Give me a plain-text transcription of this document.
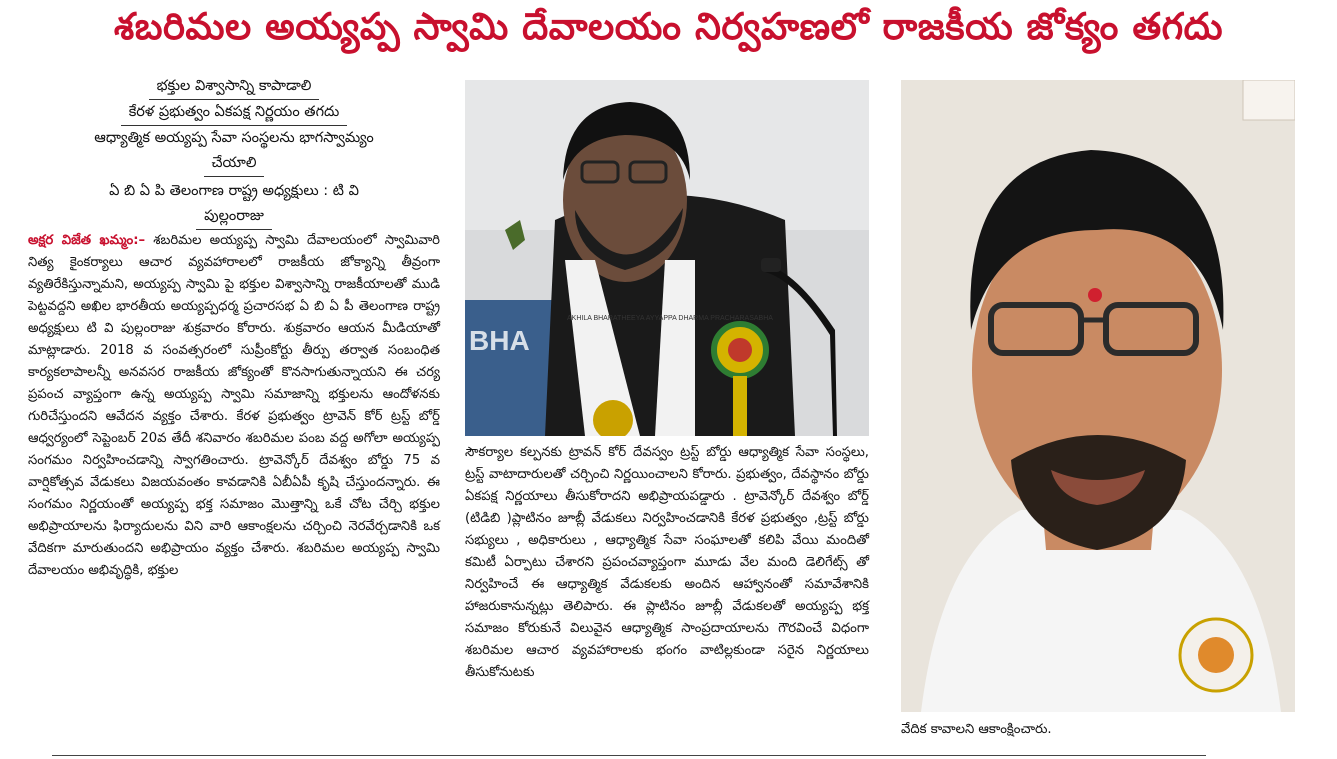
శబరిమల అయ్యప్ప స్వామి దేవాలయం నిర్వహణలో రాజకీయ జోక్యం తగదు
భక్తుల విశ్వాసాన్ని కాపాడాలి
కేరళ ప్రభుత్వం ఏకపక్ష నిర్ణయం తగదు
ఆధ్యాత్మిక అయ్యప్ప సేవా సంస్థలను భాగస్వామ్యం
చేయాలి
ఏ బి ఏ పి తెలంగాణ రాష్ట్ర అధ్యక్షులు : టి వి
పుల్లంరాజు
అక్షర విజేత ఖమ్మం:– శబరిమల అయ్యప్ప స్వామి దేవాలయంలో స్వామివారి నిత్య కైంకర్యాలు ఆచార వ్యవహారాలలో రాజకీయ జోక్యాన్ని తీవ్రంగా వ్యతిరేకిస్తున్నామని, అయ్యప్ప స్వామి పై భక్తుల విశ్వాసాన్ని రాజకీయాలతో ముడి పెట్టవద్దని అఖిల భారతీయ అయ్యప్పధర్మ ప్రచారసభ ఏ బి ఏ పీ తెలంగాణ రాష్ట్ర అధ్యక్షులు టి వి పుల్లంరాజు శుక్రవారం కోరారు. శుక్రవారం ఆయన మీడియాతో మాట్లాడారు. 2018 వ సంవత్సరంలో సుప్రీంకోర్టు తీర్పు తర్వాత సంబంధిత కార్యకలాపాలన్నీ అనవసర రాజకీయ జోక్యంతో కొనసాగుతున్నాయని ఈ చర్య ప్రపంచ వ్యాప్తంగా ఉన్న అయ్యప్ప స్వామి సమాజాన్ని భక్తులను ఆందోళనకు గురిచేస్తుందని ఆవేదన వ్యక్తం చేశారు. కేరళ ప్రభుత్వం ట్రావెన్ కోర్ ట్రస్ట్ బోర్డ్ ఆధ్వర్యంలో సెప్టెంబర్ 20వ తేదీ శనివారం శబరిమల పంబ వద్ద అగోలా అయ్యప్ప సంగమం నిర్వహించడాన్ని స్వాగతించారు. ట్రావెన్కోర్ దేవశ్వం బోర్డు 75 వ వార్షికోత్సవ వేడుకలు విజయవంతం కావడానికి ఏబీఏపీ కృషి చేస్తుందన్నారు. ఈ సంగమం నిర్ణయంతో అయ్యప్ప భక్త సమాజం మొత్తాన్ని ఒకే చోట చేర్చి భక్తుల అభిప్రాయాలను ఫిర్యాదులను విని వారి ఆకాంక్షలను చర్చించి నెరవేర్చడానికి ఒక వేదికగా మారుతుందని అభిప్రాయం వ్యక్తం చేశారు. శబరిమల అయ్యప్ప స్వామి దేవాలయం అభివృద్ధికి, భక్తుల
BHA
AKHILA BHARATHEEYA AYYAPPA DHARMA PRACHARASABHA
సౌకర్యాల కల్పనకు ట్రావన్ కోర్ దేవస్వం ట్రస్ట్ బోర్డు ఆధ్యాత్మిక సేవా సంస్థలు, ట్రస్ట్ వాటాదారులతో చర్చించి నిర్ణయించాలని కోరారు. ప్రభుత్వం, దేవస్థానం బోర్డు ఏకపక్ష నిర్ణయాలు తీసుకోరాదని అభిప్రాయపడ్డారు . ట్రావెన్కోర్ దేవశ్వం బోర్డ్ (టిడిబి )ప్లాటినం జూబ్లీ వేడుకలు నిర్వహించడానికి కేరళ ప్రభుత్వం ,ట్రస్ట్ బోర్డు సభ్యులు , అధికారులు , ఆధ్యాత్మిక సేవా సంఘాలతో కలిపి వేయి మందితో కమిటీ ఏర్పాటు చేశారని ప్రపంచవ్యాప్తంగా మూడు వేల మంది డెలిగేట్స్ తో నిర్వహించే ఈ ఆధ్యాత్మిక వేడుకలకు అందిన ఆహ్వానంతో సమావేశానికి హాజరుకానున్నట్లు తెలిపారు. ఈ ప్లాటినం జూబ్లీ వేడుకలతో అయ్యప్ప భక్త సమాజం కోరుకునే విలువైన ఆధ్యాత్మిక సాంప్రదాయాలను గౌరవించే విధంగా శబరిమల ఆచార వ్యవహారాలకు భంగం వాటిల్లకుండా సరైన నిర్ణయాలు తీసుకోనుటకు
వేదిక కావాలని ఆకాంక్షించారు.
